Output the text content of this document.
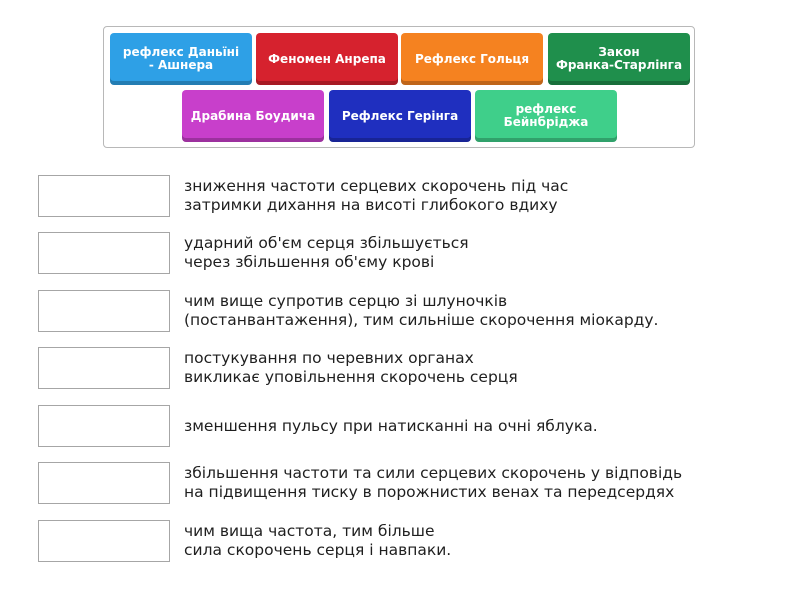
рефлекс Даньїні
- Ашнера	Феномен Анрепа Рефлекс Гольця	Закон
Франка-Старлінга
Драбина Боудича Рефлекс Герінга	рефлекс
Бейнбріджа
зниження частоти серцевих скорочень під час
затримки дихання на висоті глибокого вдиху
ударний об'єм серця збільшується
через збільшення об'єму крові
чим вище супротив серцю зі шлуночків
(постанвантаження), тим сильніше скорочення міокарду.
постукування по черевних органах
викликає уповільнення скорочень серця
зменшення пульсу при натисканні на очні яблука.
збільшення частоти та сили серцевих скорочень у відповідь
на підвищення тиску в порожнистих венах та передсердях
чим вища частота, тим більше
сила скорочень серця і навпаки.
